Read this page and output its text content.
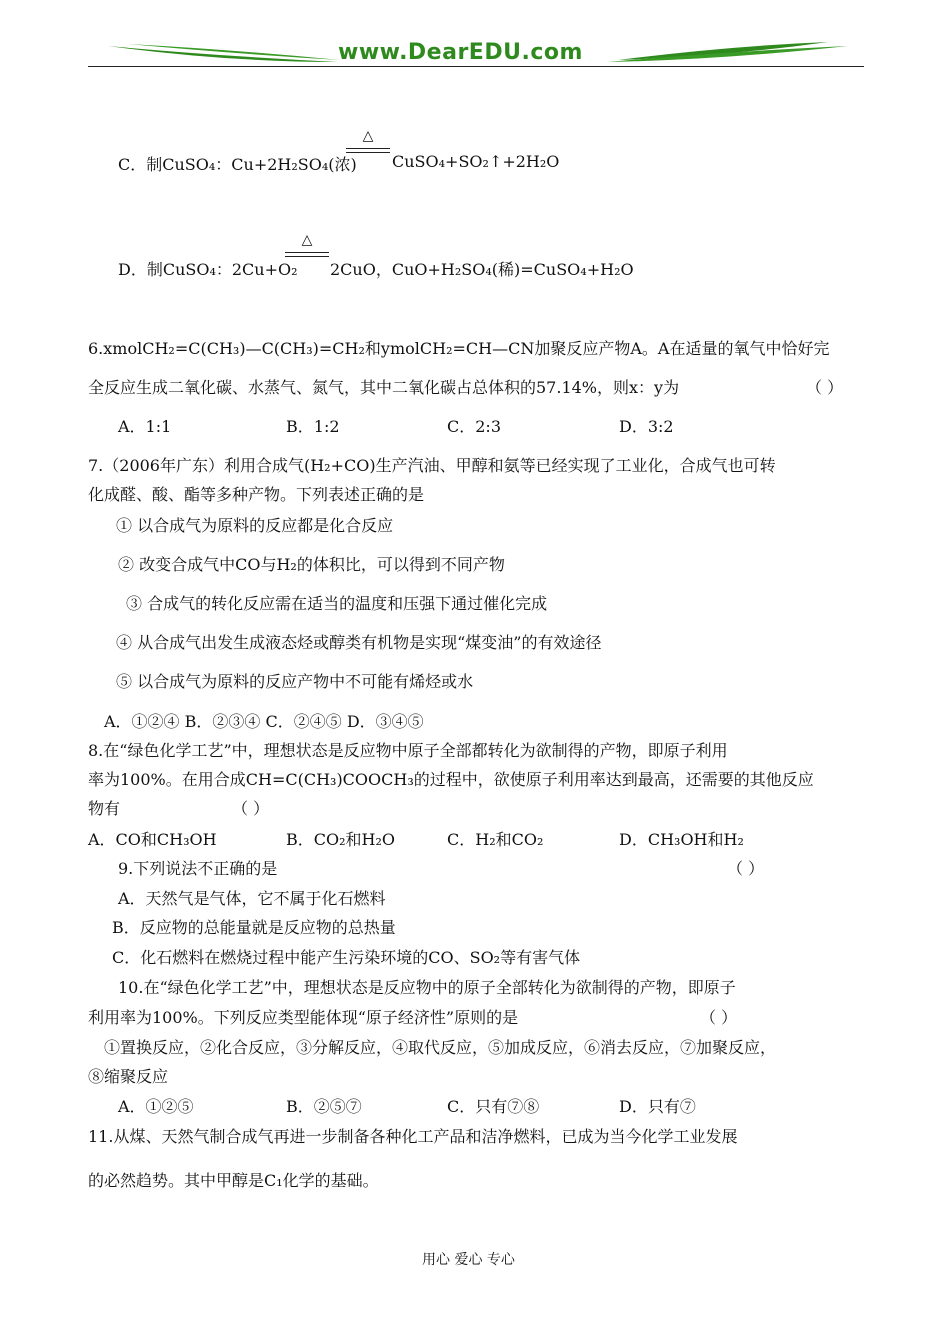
www.DearEDU.com
C．制CuSO₄：Cu+2H₂SO₄(浓)
△
CuSO₄+SO₂↑+2H₂O
D．制CuSO₄：2Cu+O₂
△
2CuO，CuO+H₂SO₄(稀)=CuSO₄+H₂O
6.xmolCH₂=C(CH₃)—C(CH₃)=CH₂和ymolCH₂=CH—CN加聚反应产物A。A在适量的氧气中恰好完
全反应生成二氧化碳、水蒸气、氮气，其中二氧化碳占总体积的57.14%，则x：y为	（ ）
A．1:1	B．1:2	C．2:3	D．3:2
7.（2006年广东）利用合成气(H₂+CO)生产汽油、甲醇和氨等已经实现了工业化，合成气也可转
化成醛、酸、酯等多种产物。下列表述正确的是
① 以合成气为原料的反应都是化合反应
② 改变合成气中CO与H₂的体积比，可以得到不同产物
③ 合成气的转化反应需在适当的温度和压强下通过催化完成
④ 从合成气出发生成液态烃或醇类有机物是实现“煤变油”的有效途径
⑤ 以合成气为原料的反应产物中不可能有烯烃或水
A．①②④ B．②③④ C．②④⑤ D．③④⑤
8.在“绿色化学工艺”中，理想状态是反应物中原子全部都转化为欲制得的产物，即原子利用
率为100%。在用合成CH=C(CH₃)COOCH₃的过程中，欲使原子利用率达到最高，还需要的其他反应
物有	（ ）
A．CO和CH₃OH	B．CO₂和H₂O	C．H₂和CO₂	D．CH₃OH和H₂
9.下列说法不正确的是	（ ）
A．天然气是气体，它不属于化石燃料
B．反应物的总能量就是反应物的总热量
C．化石燃料在燃烧过程中能产生污染环境的CO、SO₂等有害气体
10.在“绿色化学工艺”中，理想状态是反应物中的原子全部转化为欲制得的产物，即原子
利用率为100%。下列反应类型能体现“原子经济性”原则的是	（ ）
①置换反应，②化合反应，③分解反应，④取代反应，⑤加成反应，⑥消去反应，⑦加聚反应，
⑧缩聚反应
A．①②⑤	B．②⑤⑦	C．只有⑦⑧	D．只有⑦
11.从煤、天然气制合成气再进一步制备各种化工产品和洁净燃料，已成为当今化学工业发展
的必然趋势。其中甲醇是C₁化学的基础。
用心 爱心 专心
